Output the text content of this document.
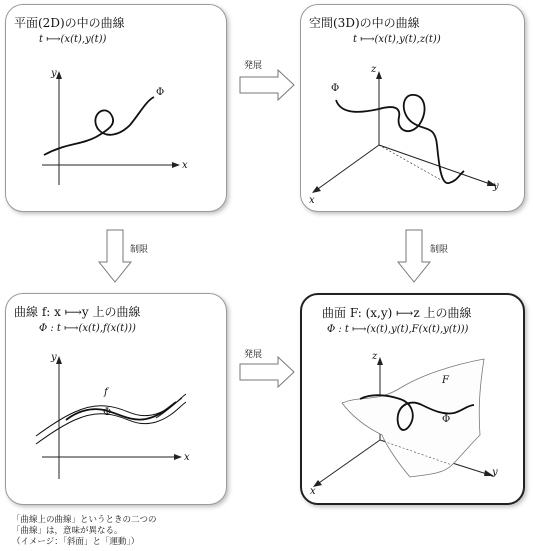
平面(2D)の中の曲線
t ⟼(x(t),y(t))
y
x
Φ
空間(3D)の中の曲線
t ⟼(x(t),y(t),z(t))
z
x
y
Φ
曲線 f: x ⟼y 上の曲線
Φ : t ⟼(x(t),f(x(t)))
y
x
f
Φ
曲面 F: (x,y) ⟼z 上の曲線
Φ : t ⟼(x(t),y(t),F(x(t),y(t)))
z
x
y
F
Φ
発展
発展
制限	制限
「曲線上の曲線」というときの二つの
「曲線」は，意味が異なる。
（イメージ：「斜面」と「運動」）
